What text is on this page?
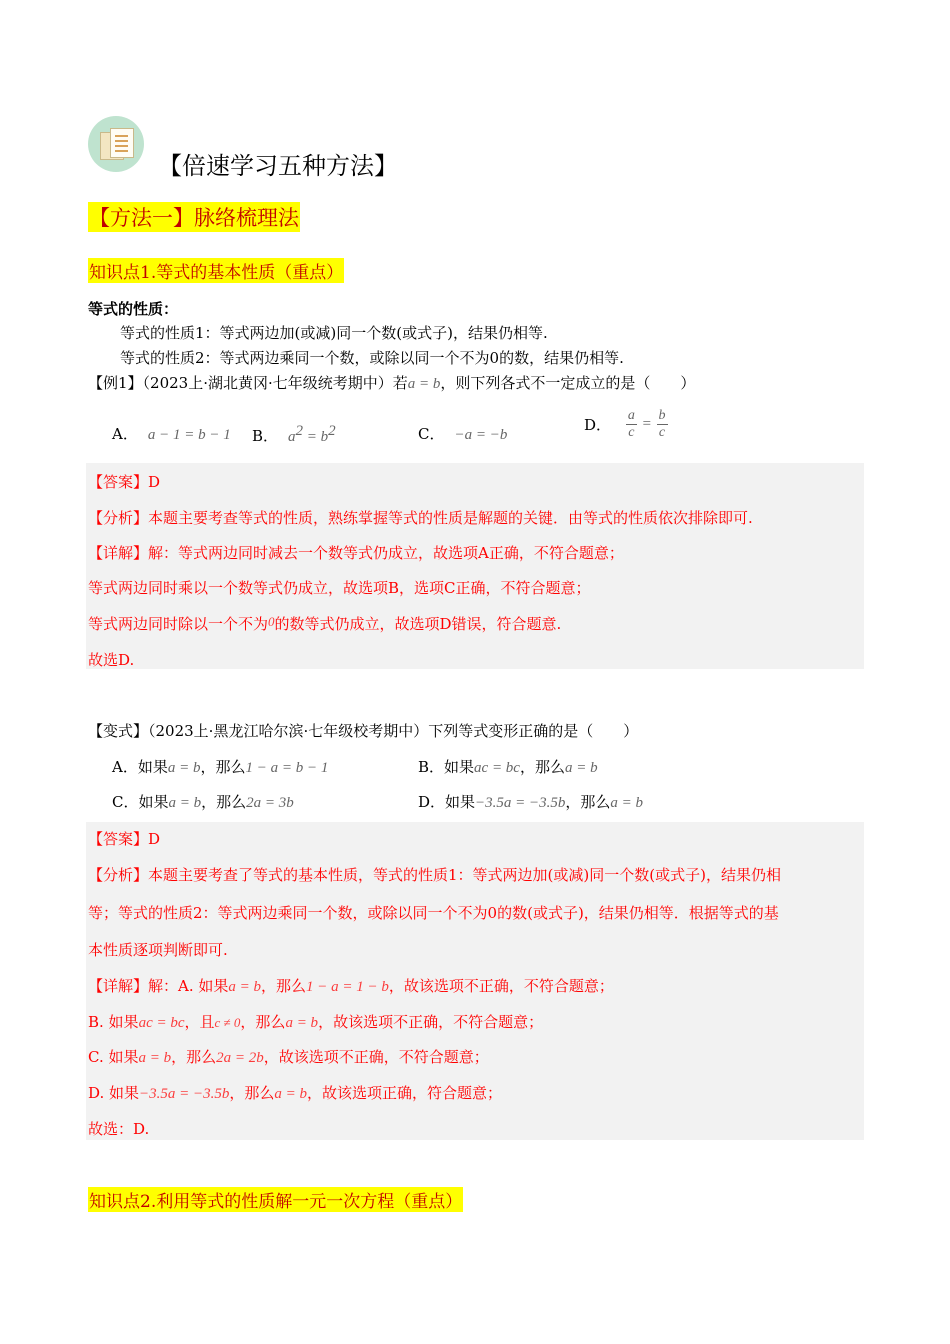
【倍速学习五种方法】
【方法一】脉络梳理法
知识点1.等式的基本性质（重点）
等式的性质：
等式的性质1：等式两边加(或减)同一个数(或式子)，结果仍相等.
等式的性质2：等式两边乘同一个数，或除以同一个不为0的数，结果仍相等.
【例1】（2023上·湖北黄冈·七年级统考期中）若a = b，则下列各式不一定成立的是（　　）
A． a − 1 = b − 1 B． $a^2 = b^2$	C． −a = −b
D． $\frac{a}{c} = \frac{b}{c}$
【答案】D
【分析】本题主要考查等式的性质，熟练掌握等式的性质是解题的关键．由等式的性质依次排除即可.
【详解】解：等式两边同时减去一个数等式仍成立，故选项A正确，不符合题意；
等式两边同时乘以一个数等式仍成立，故选项B，选项C正确，不符合题意；
等式两边同时除以一个不为0的数等式仍成立，故选项D错误，符合题意.
故选D.
【变式】（2023上·黑龙江哈尔滨·七年级校考期中）下列等式变形正确的是（　　）
A．如果a = b，那么1 − a = b − 1	B．如果ac = bc，那么a = b
C．如果a = b，那么2a = 3b	D．如果−3.5a = −3.5b，那么a = b
【答案】D
【分析】本题主要考查了等式的基本性质，等式的性质1：等式两边加(或减)同一个数(或式子)，结果仍相
等；等式的性质2：等式两边乘同一个数，或除以同一个不为0的数(或式子)，结果仍相等．根据等式的基
本性质逐项判断即可.
【详解】解：A. 如果a = b，那么1 − a = 1 − b，故该选项不正确，不符合题意；
B. 如果ac = bc，且c ≠ 0，那么a = b，故该选项不正确，不符合题意；
C. 如果a = b，那么2a = 2b，故该选项不正确，不符合题意；
D. 如果−3.5a = −3.5b，那么a = b，故该选项正确，符合题意；
故选：D.
知识点2.利用等式的性质解一元一次方程（重点）
